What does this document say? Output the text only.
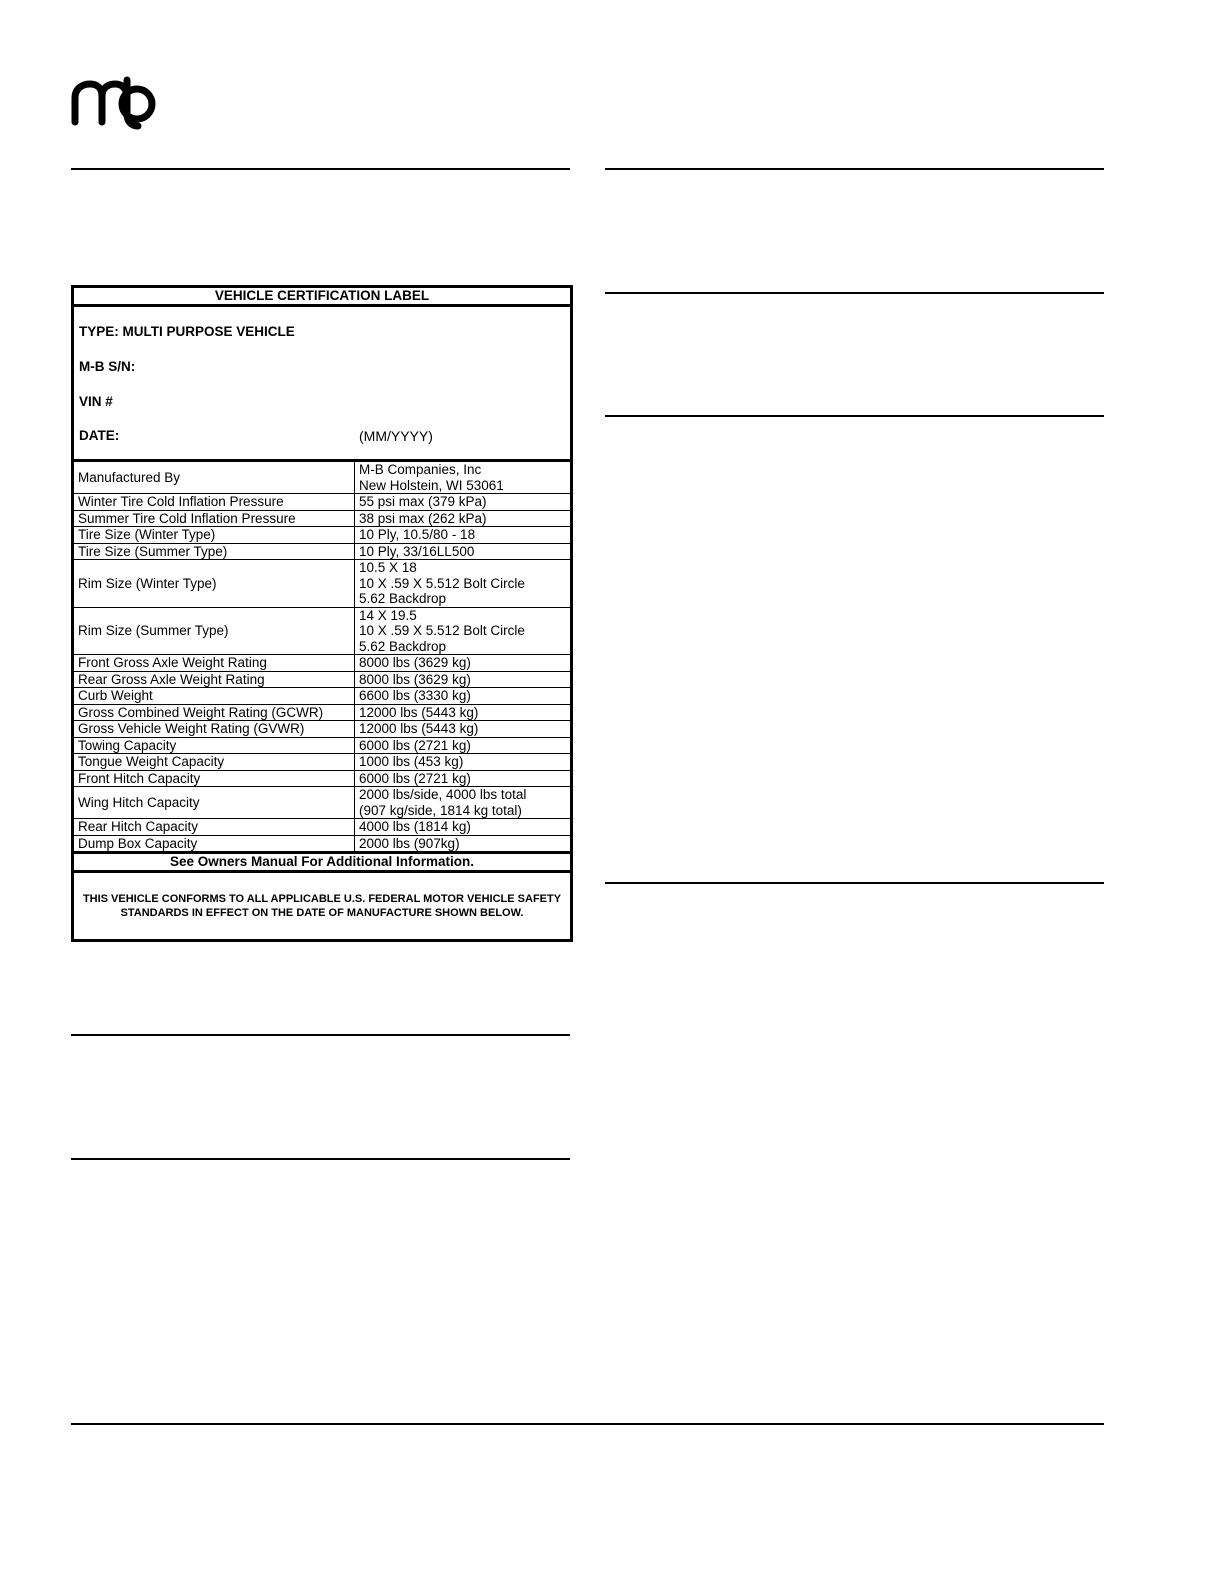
VEHICLE CERTIFICATION LABEL
TYPE: MULTI PURPOSE VEHICLE
M-B S/N:
VIN #
DATE:	(MM/YYYY)
Manufactured By	M-B Companies, Inc
New Holstein, WI 53061
Winter Tire Cold Inflation Pressure	55 psi max (379 kPa)
Summer Tire Cold Inflation Pressure	38 psi max (262 kPa)
Tire Size (Winter Type)	10 Ply, 10.5/80 - 18
Tire Size (Summer Type)	10 Ply, 33/16LL500
Rim Size (Winter Type)	10.5 X 18
10 X .59 X 5.512 Bolt Circle
5.62 Backdrop
Rim Size (Summer Type)	14 X 19.5
10 X .59 X 5.512 Bolt Circle
5.62 Backdrop
Front Gross Axle Weight Rating	8000 lbs (3629 kg)
Rear Gross Axle Weight Rating	8000 lbs (3629 kg)
Curb Weight	6600 lbs (3330 kg)
Gross Combined Weight Rating (GCWR)	12000 lbs (5443 kg)
Gross Vehicle Weight Rating (GVWR)	12000 lbs (5443 kg)
Towing Capacity	6000 lbs (2721 kg)
Tongue Weight Capacity	1000 lbs (453 kg)
Front Hitch Capacity	6000 lbs (2721 kg)
Wing Hitch Capacity	2000 lbs/side, 4000 lbs total
(907 kg/side, 1814 kg total)
Rear Hitch Capacity	4000 lbs (1814 kg)
Dump Box Capacity	2000 lbs (907kg)
See Owners Manual For Additional Information.
THIS VEHICLE CONFORMS TO ALL APPLICABLE U.S. FEDERAL MOTOR VEHICLE SAFETY STANDARDS IN EFFECT ON THE DATE OF MANUFACTURE SHOWN BELOW.
